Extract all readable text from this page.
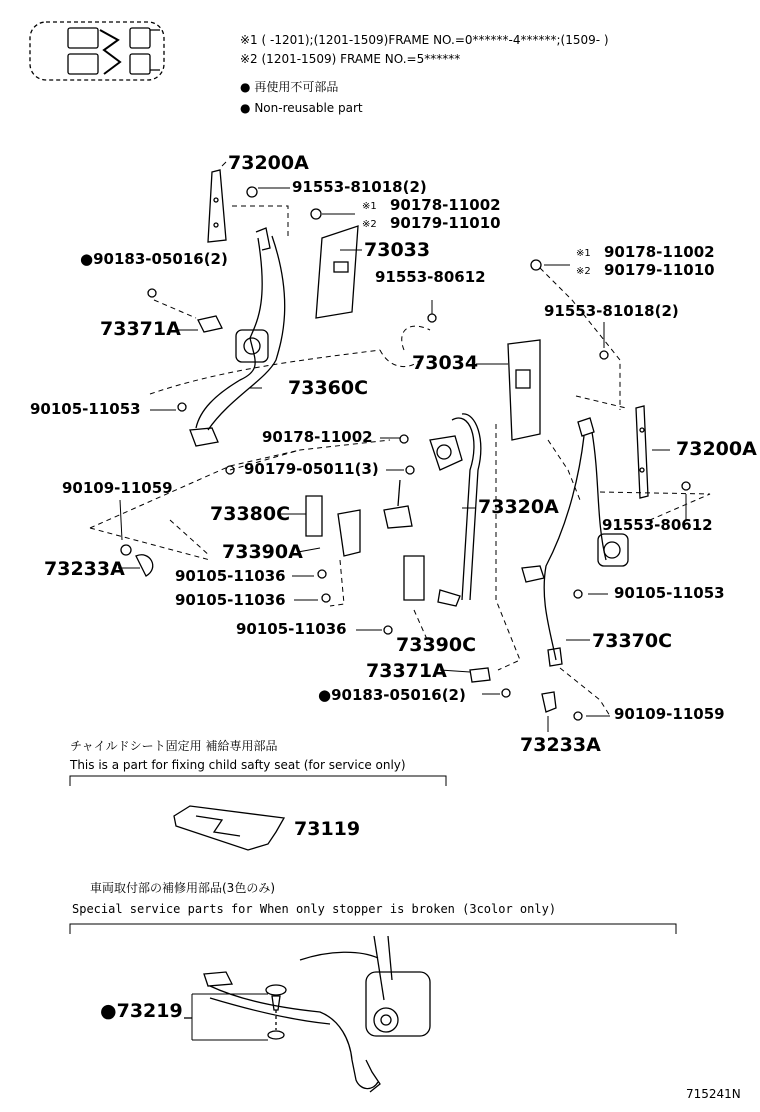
※1 ( -1201);(1201-1509)FRAME NO.=0******-4******;(1509- )
※2 (1201-1509) FRAME NO.=5******
● 再使用不可部品
● Non-reusable part
73200A
91553-81018(2)
※1 90178-11002
※2 90179-11010
73033
●90183-05016(2)	※1 90178-11002
※2 90179-11010
91553-80612
91553-81018(2)
73371A
73034
73360C
90105-11053
90178-11002
73200A
90179-05011(3)
90109-11059
73380C	73320A
91553-80612
73390A
73233A	90105-11036
90105-11036	90105-11053
90105-11036
73370C
73390C
73371A
●90183-05016(2)
90109-11059
73233A
チャイルドシート固定用 補給専用部品
This is a part for fixing child safty seat (for service only)
73119
車両取付部の補修用部品(3色のみ)
Special service parts for When only stopper is broken (3color only)
●73219
715241N
